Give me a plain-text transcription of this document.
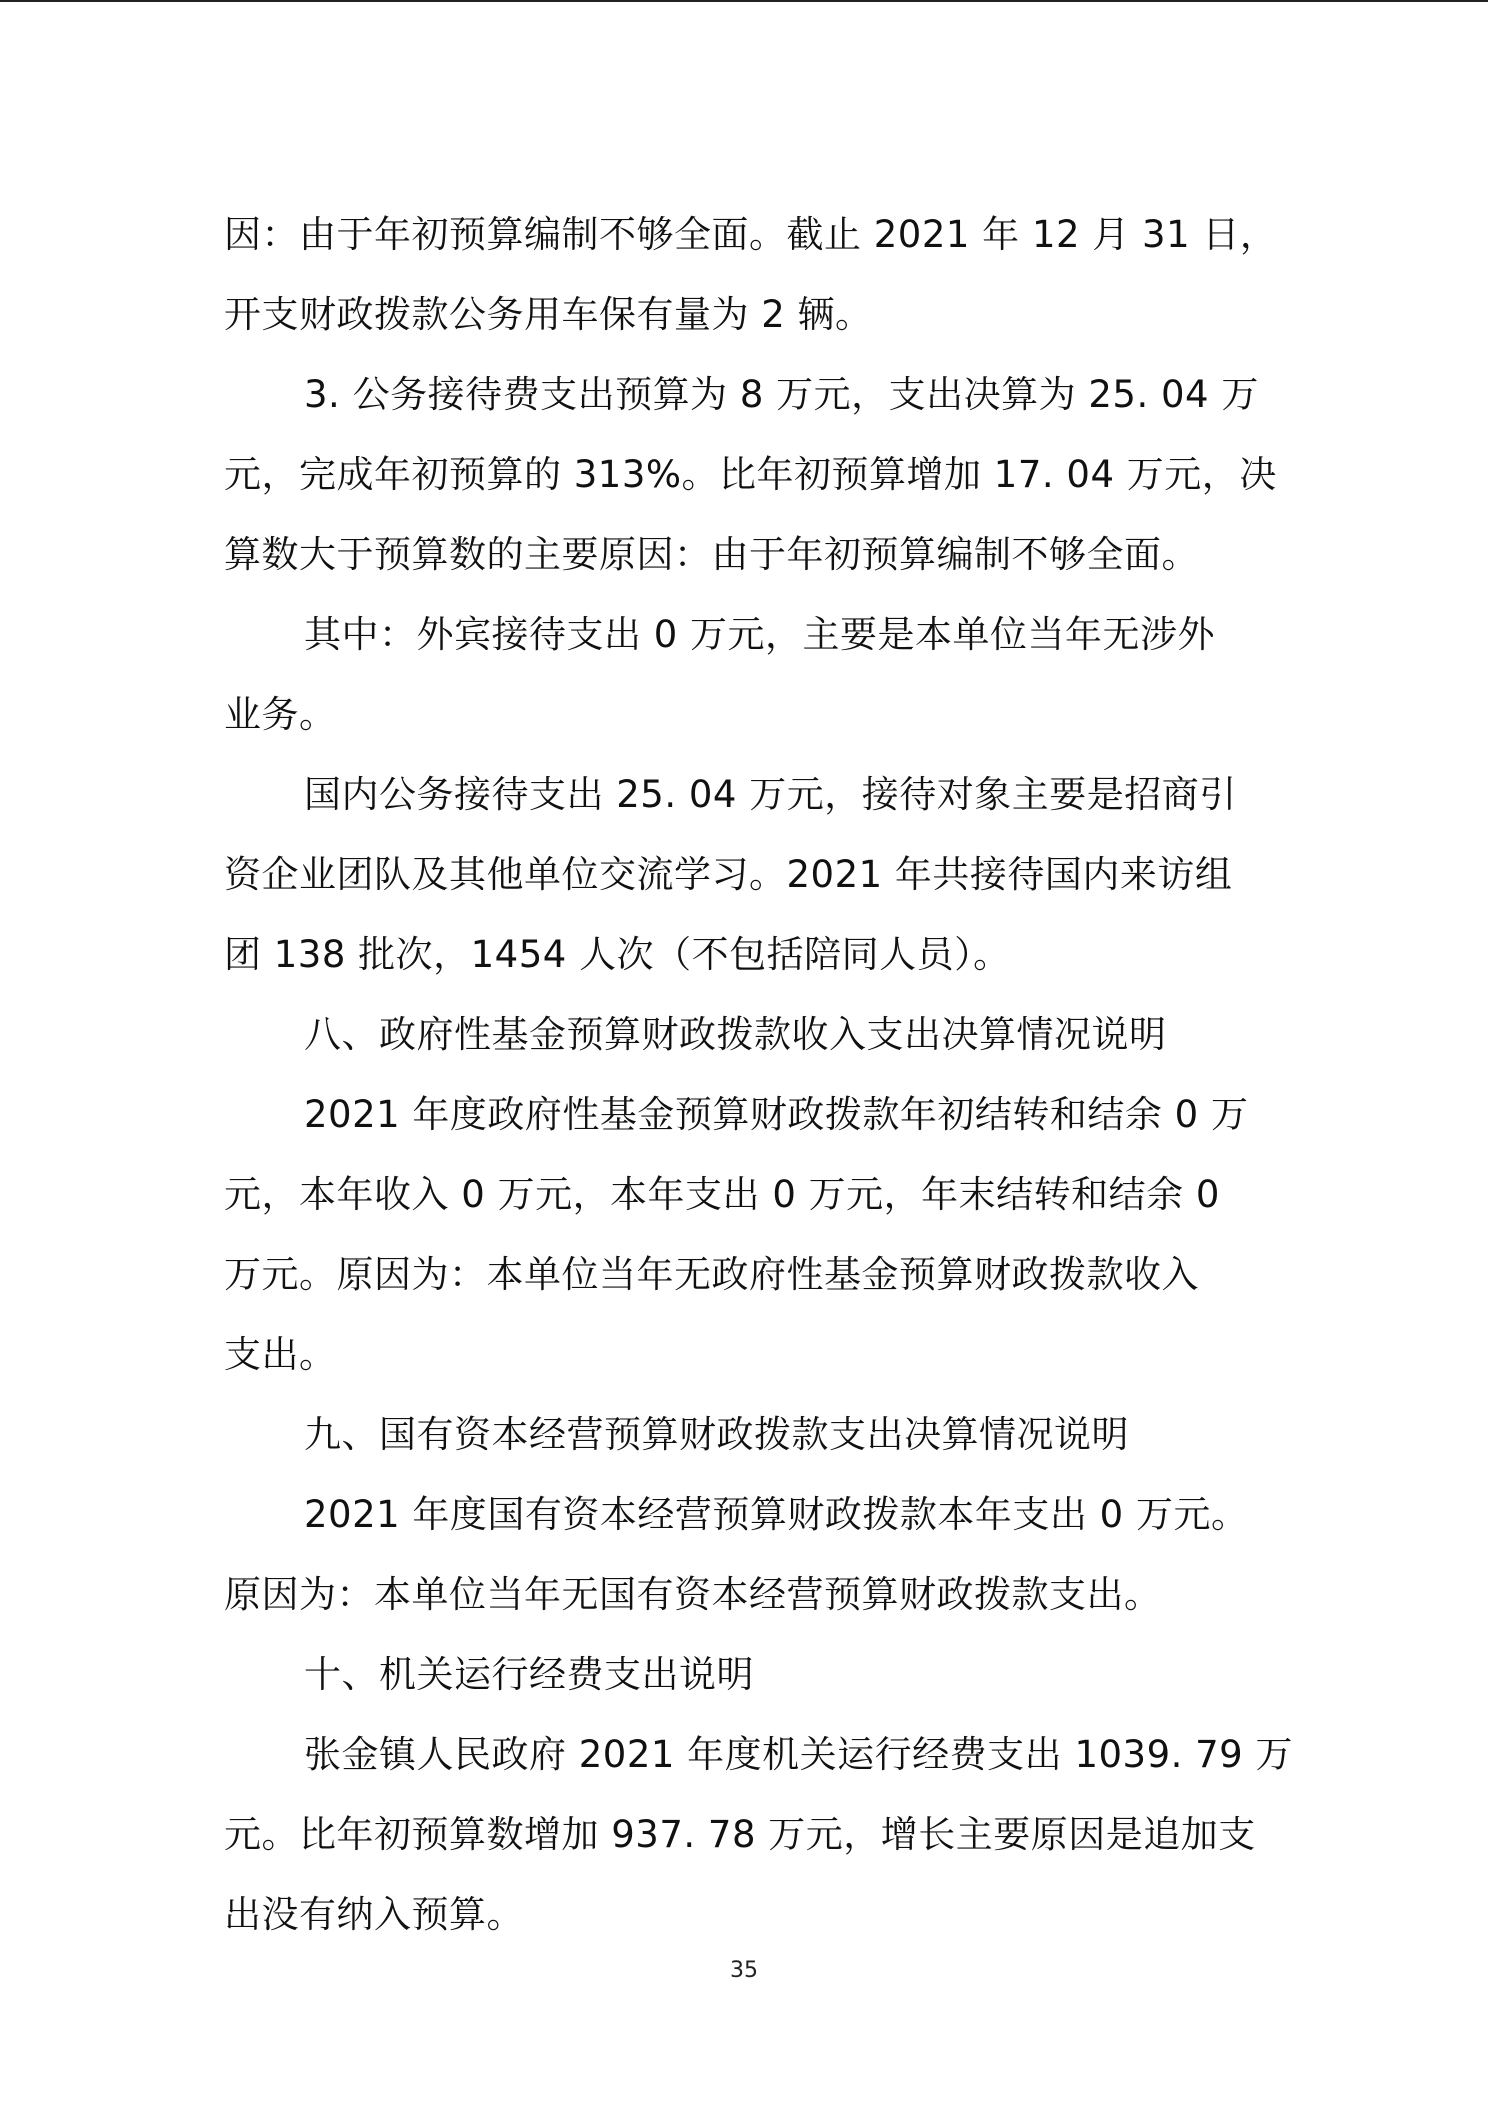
因：由于年初预算编制不够全面。截止 2021 年 12 月 31 日，
开支财政拨款公务用车保有量为 2 辆。
3. 公务接待费支出预算为 8 万元，支出决算为 25. 04 万
元，完成年初预算的 313%。比年初预算增加 17. 04 万元，决
算数大于预算数的主要原因：由于年初预算编制不够全面。
其中：外宾接待支出 0 万元，主要是本单位当年无涉外
业务。
国内公务接待支出 25. 04 万元，接待对象主要是招商引
资企业团队及其他单位交流学习。2021 年共接待国内来访组
团 138 批次，1454 人次（不包括陪同人员）。
八、政府性基金预算财政拨款收入支出决算情况说明
2021 年度政府性基金预算财政拨款年初结转和结余 0 万
元，本年收入 0 万元，本年支出 0 万元，年末结转和结余 0
万元。原因为：本单位当年无政府性基金预算财政拨款收入
支出。
九、国有资本经营预算财政拨款支出决算情况说明
2021 年度国有资本经营预算财政拨款本年支出 0 万元。
原因为：本单位当年无国有资本经营预算财政拨款支出。
十、机关运行经费支出说明
张金镇人民政府 2021 年度机关运行经费支出 1039. 79 万
元。比年初预算数增加 937. 78 万元，增长主要原因是追加支
出没有纳入预算。
35
